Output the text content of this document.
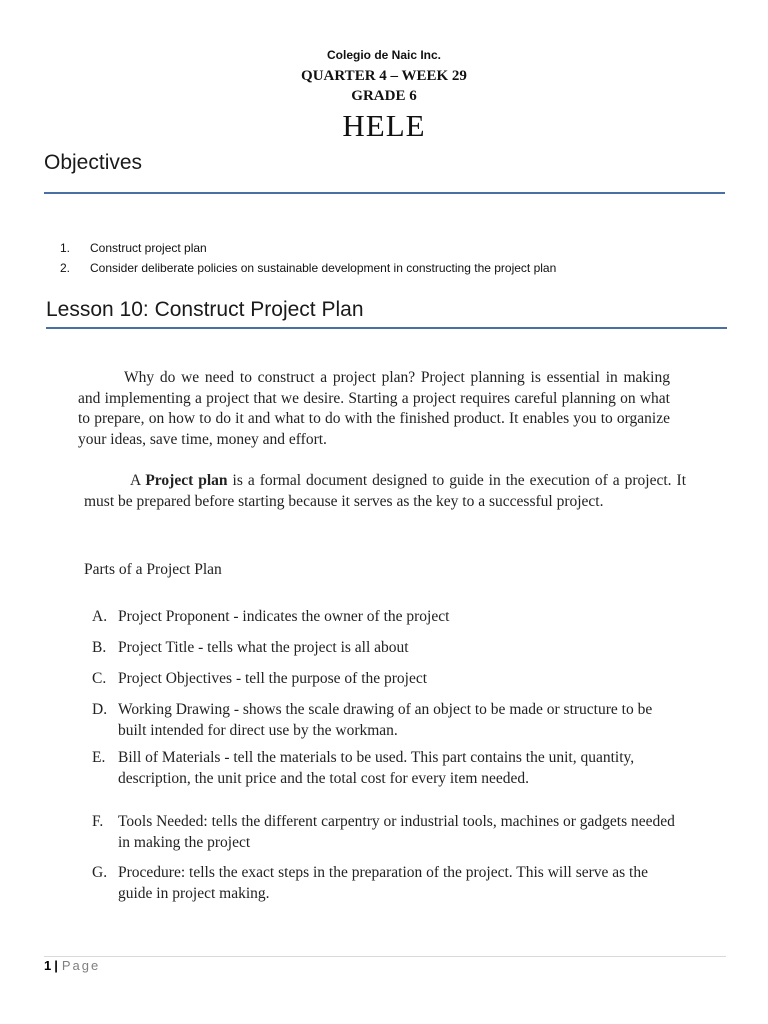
Colegio de Naic Inc.

QUARTER 4 – WEEK 29

GRADE 6

HELE

Objectives
1. Construct project plan
2. Consider deliberate policies on sustainable development in constructing the project plan
Lesson 10: Construct Project Plan

Why do we need to construct a project plan? Project planning is essential in making and implementing a project that we desire. Starting a project requires careful planning on what to prepare, on how to do it and what to do with the finished product. It enables you to organize your ideas, save time, money and effort.

A Project plan is a formal document designed to guide in the execution of a project. It must be prepared before starting because it serves as the key to a successful project.

Parts of a Project Plan

A. Project Proponent - indicates the owner of the project
B. Project Title - tells what the project is all about
C. Project Objectives - tell the purpose of the project
D. Working Drawing - shows the scale drawing of an object to be made or structure to be built intended for direct use by the workman.
E. Bill of Materials - tell the materials to be used. This part contains the unit, quantity, description, the unit price and the total cost for every item needed.
F. Tools Needed: tells the different carpentry or industrial tools, machines or gadgets needed in making the project
G. Procedure: tells the exact steps in the preparation of the project. This will serve as the guide in project making.
1 | Page
